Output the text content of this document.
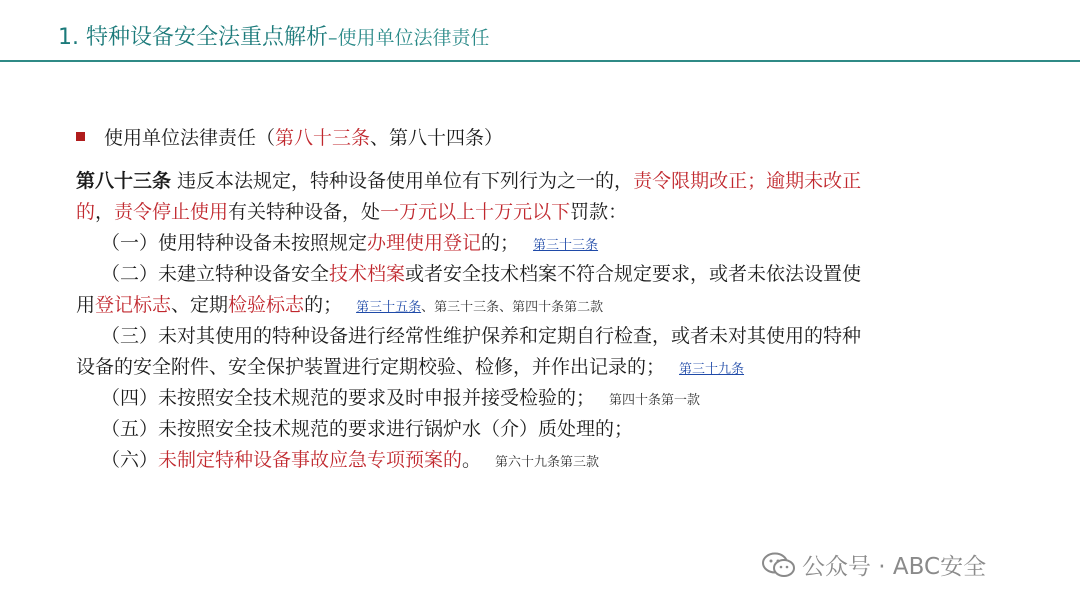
1. 特种设备安全法重点解析–使用单位法律责任
使用单位法律责任（第八十三条、第八十四条）
第八十三条 违反本法规定，特种设备使用单位有下列行为之一的，责令限期改正；逾期未改正
的，责令停止使用有关特种设备，处一万元以上十万元以下罚款：
（一）使用特种设备未按照规定办理使用登记的； 第三十三条
（二）未建立特种设备安全技术档案或者安全技术档案不符合规定要求，或者未依法设置使
用登记标志、定期检验标志的； 第三十五条、第三十三条、第四十条第二款
（三）未对其使用的特种设备进行经常性维护保养和定期自行检查，或者未对其使用的特种
设备的安全附件、安全保护装置进行定期校验、检修，并作出记录的； 第三十九条
（四）未按照安全技术规范的要求及时申报并接受检验的； 第四十条第一款
（五）未按照安全技术规范的要求进行锅炉水（介）质处理的；
（六）未制定特种设备事故应急专项预案的。 第六十九条第三款
公众号 · ABC安全
